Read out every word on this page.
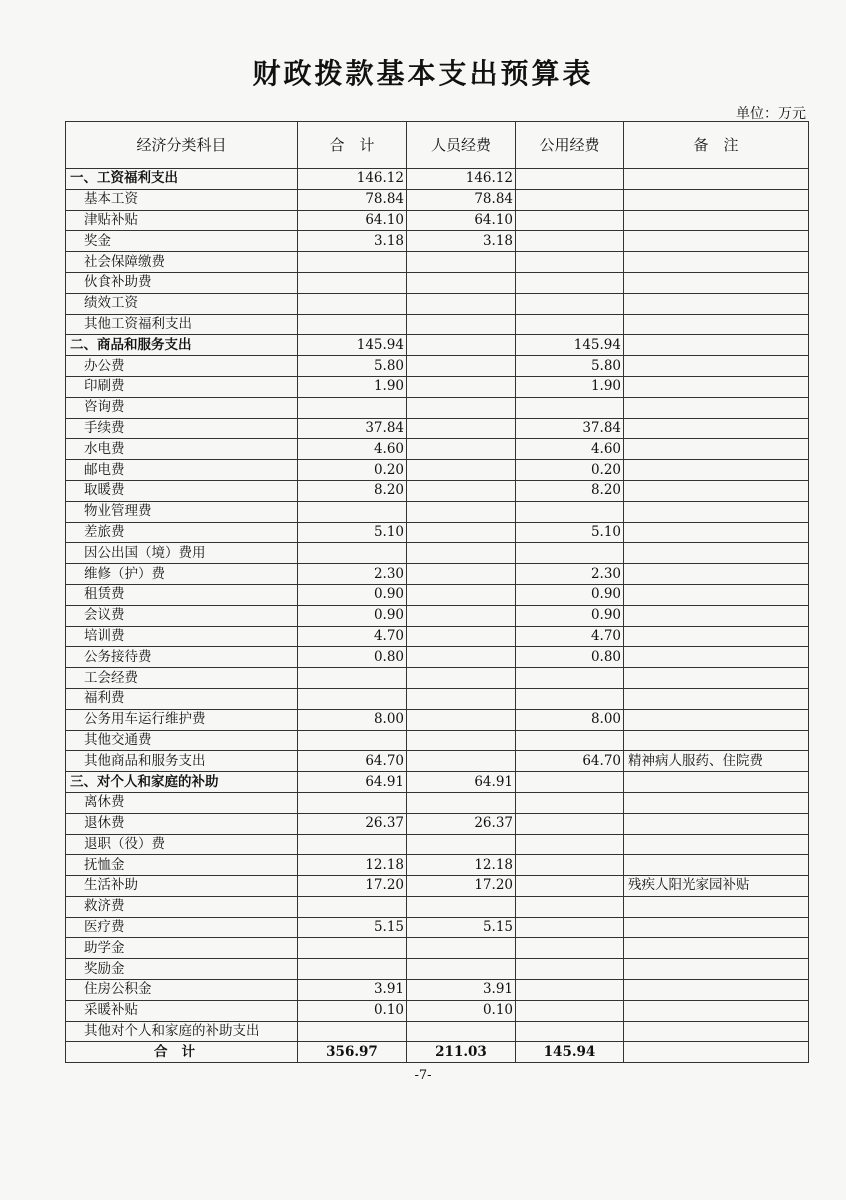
财政拨款基本支出预算表
单位：万元
经济分类科目	合　计	人员经费	公用经费	备　注
一、工资福利支出	146.12	146.12		
基本工资	78.84	78.84		
津贴补贴	64.10	64.10		
奖金	3.18	3.18		
社会保障缴费				
伙食补助费				
绩效工资				
其他工资福利支出				
二、商品和服务支出	145.94		145.94	
办公费	5.80		5.80	
印刷费	1.90		1.90	
咨询费				
手续费	37.84		37.84	
水电费	4.60		4.60	
邮电费	0.20		0.20	
取暖费	8.20		8.20	
物业管理费				
差旅费	5.10		5.10	
因公出国（境）费用				
维修（护）费	2.30		2.30	
租赁费	0.90		0.90	
会议费	0.90		0.90	
培训费	4.70		4.70	
公务接待费	0.80		0.80	
工会经费				
福利费				
公务用车运行维护费	8.00		8.00	
其他交通费				
其他商品和服务支出	64.70		64.70	精神病人服药、住院费
三、对个人和家庭的补助	64.91	64.91		
离休费				
退休费	26.37	26.37		
退职（役）费				
抚恤金	12.18	12.18		
生活补助	17.20	17.20		残疾人阳光家园补贴
救济费				
医疗费	5.15	5.15		
助学金				
奖励金				
住房公积金	3.91	3.91		
采暖补贴	0.10	0.10		
其他对个人和家庭的补助支出				
合计	356.97	211.03	145.94	
-7-
